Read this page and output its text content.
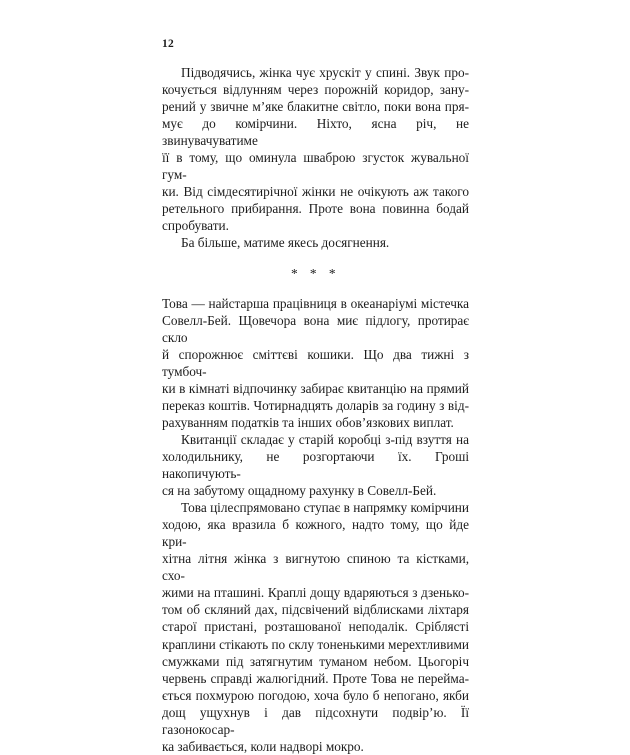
12
Підводячись, жінка чує хрускіт у спині. Звук про-
кочується відлунням через порожній коридор, зану-
рений у звичне м’яке блакитне світло, поки вона пря-
мує до комірчини. Ніхто, ясна річ, не звинувачуватиме
її в тому, що оминула шваброю згусток жувальної гум-
ки. Від сімдесятирічної жінки не очікують аж такого
ретельного прибирання. Проте вона повинна бодай
спробувати.
Ба більше, матиме якесь досягнення.
* * *
Това — найстарша працівниця в океанаріумі містечка
Совелл-Бей. Щовечора вона миє підлогу, протирає скло
й спорожнює сміттєві кошики. Що два тижні з тумбоч-
ки в кімнаті відпочинку забирає квитанцію на прямий
переказ коштів. Чотирнадцять доларів за годину з від-
рахуванням податків та інших обов’язкових виплат.
Квитанції складає у старій коробці з-під взуття на
холодильнику, не розгортаючи їх. Гроші накопичують-
ся на забутому ощадному рахунку в Совелл-Бей.
Това цілеспрямовано ступає в напрямку комірчини
ходою, яка вразила б кожного, надто тому, що йде кри-
хітна літня жінка з вигнутою спиною та кістками, схо-
жими на пташині. Краплі дощу вдаряються з дзенько-
том об скляний дах, підсвічений відблисками ліхтаря
старої пристані, розташованої неподалік. Сріблясті
краплини стікають по склу тоненькими мерехтливими
смужками під затягнутим туманом небом. Цьогоріч
червень справді жалюгідний. Проте Това не перейма-
ється похмурою погодою, хоча було б непогано, якби
дощ ущухнув і дав підсохнути подвір’ю. Її газонокосар-
ка забивається, коли надворі мокро.
